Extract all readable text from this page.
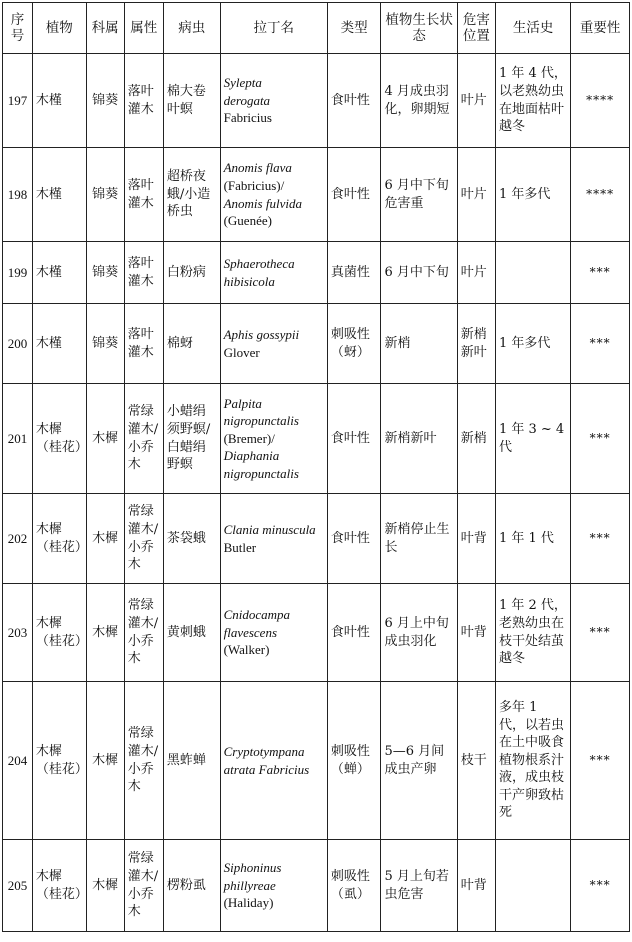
序号	植物	科属	属性	病虫	拉丁名	类型	植物生长状态	危害位置	生活史	重要性
197	木槿	锦葵	落叶灌木	棉大卷叶螟	Sylepta
derogata
Fabricius	食叶性	4 月成虫羽化，卵期短	叶片	1 年 4 代，以老熟幼虫在地面枯叶越冬	****
198	木槿	锦葵	落叶灌木	超桥夜蛾/小造桥虫	Anomis flava
(Fabricius)/
Anomis fulvida
(Guenée)	食叶性	6 月中下旬危害重	叶片	1 年多代	****
199	木槿	锦葵	落叶灌木	白粉病	Sphaerotheca
hibisicola	真菌性	6 月中下旬	叶片		***
200	木槿	锦葵	落叶灌木	棉蚜	Aphis gossypii
Glover	刺吸性（蚜）	新梢	新梢新叶	1 年多代	***
201	木樨（桂花）	木樨	常绿灌木/小乔木	小蜡绢须野螟/白蜡绢野螟	Palpita
nigropunctalis
(Bremer)/
Diaphania
nigropunctalis	食叶性	新梢新叶	新梢	1 年 3 ~ 4 代	***
202	木樨（桂花）	木樨	常绿灌木/小乔木	茶袋蛾	Clania minuscula
Butler	食叶性	新梢停止生长	叶背	1 年 1 代	***
203	木樨（桂花）	木樨	常绿灌木/小乔木	黄刺蛾	Cnidocampa
flavescens
(Walker)	食叶性	6 月上中旬成虫羽化	叶背	1 年 2 代，老熟幼虫在枝干处结茧越冬	***
204	木樨（桂花）	木樨	常绿灌木/小乔木	黑蚱蝉	Cryptotympana
atrata Fabricius	刺吸性（蝉）	5—6 月间成虫产卵	枝干	多年 1 代，以若虫在土中吸食植物根系汁液，成虫枝干产卵致枯死	***
205	木樨（桂花）	木樨	常绿灌木/小乔木	楞粉虱	Siphoninus
phillyreae
(Haliday)	刺吸性（虱）	5 月上旬若虫危害	叶背		***
